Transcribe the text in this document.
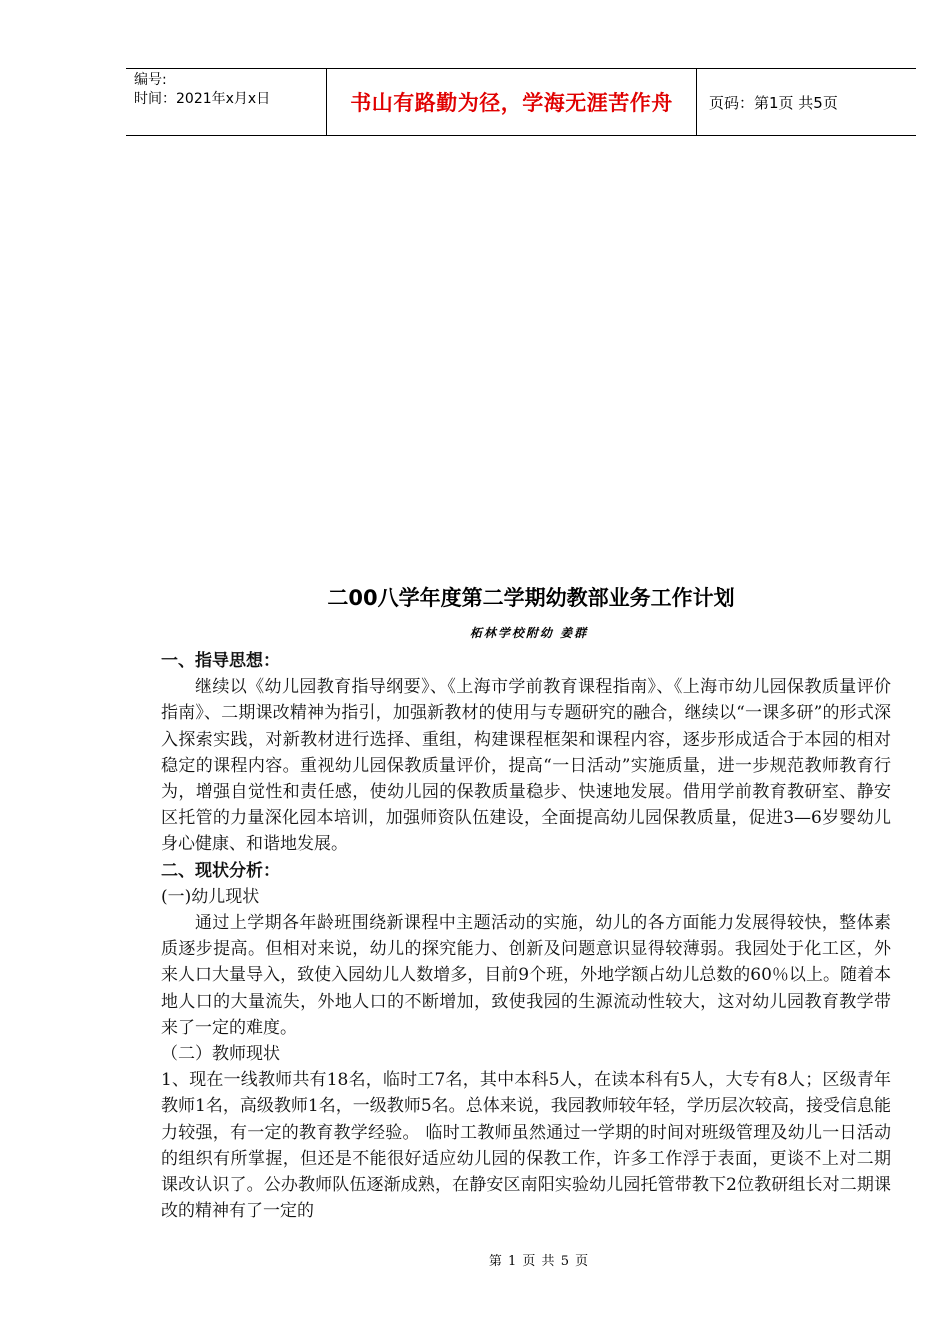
编号:
时间：2021年x月x日	书山有路勤为径，学海无涯苦作舟	页码：第1页 共5页
二00八学年度第二学期幼教部业务工作计划
柘林学校附幼 姜群

一、指导思想：

继续以《幼儿园教育指导纲要》、《上海市学前教育课程指南》、《上海市幼儿园保教质量评价指南》、二期课改精神为指引，加强新教材的使用与专题研究的融合，继续以“一课多研”的形式深入探索实践，对新教材进行选择、重组，构建课程框架和课程内容，逐步形成适合于本园的相对稳定的课程内容。重视幼儿园保教质量评价，提高“一日活动”实施质量，进一步规范教师教育行为，增强自觉性和责任感，使幼儿园的保教质量稳步、快速地发展。借用学前教育教研室、静安区托管的力量深化园本培训，加强师资队伍建设，全面提高幼儿园保教质量，促进3—6岁婴幼儿身心健康、和谐地发展。

二、现状分析：

(一)幼儿现状

通过上学期各年龄班围绕新课程中主题活动的实施，幼儿的各方面能力发展得较快，整体素质逐步提高。但相对来说，幼儿的探究能力、创新及问题意识显得较薄弱。我园处于化工区，外来人口大量导入，致使入园幼儿人数增多，目前9个班，外地学额占幼儿总数的60％以上。随着本地人口的大量流失，外地人口的不断增加，致使我园的生源流动性较大，这对幼儿园教育教学带来了一定的难度。

（二）教师现状

1、现在一线教师共有18名，临时工7名，其中本科5人，在读本科有5人，大专有8人；区级青年教师1名，高级教师1名，一级教师5名。总体来说，我园教师较年轻，学历层次较高，接受信息能力较强，有一定的教育教学经验。 临时工教师虽然通过一学期的时间对班级管理及幼儿一日活动的组织有所掌握，但还是不能很好适应幼儿园的保教工作，许多工作浮于表面，更谈不上对二期课改认识了。公办教师队伍逐渐成熟，在静安区南阳实验幼儿园托管带教下2位教研组长对二期课改的精神有了一定的

第 1 页 共 5 页
